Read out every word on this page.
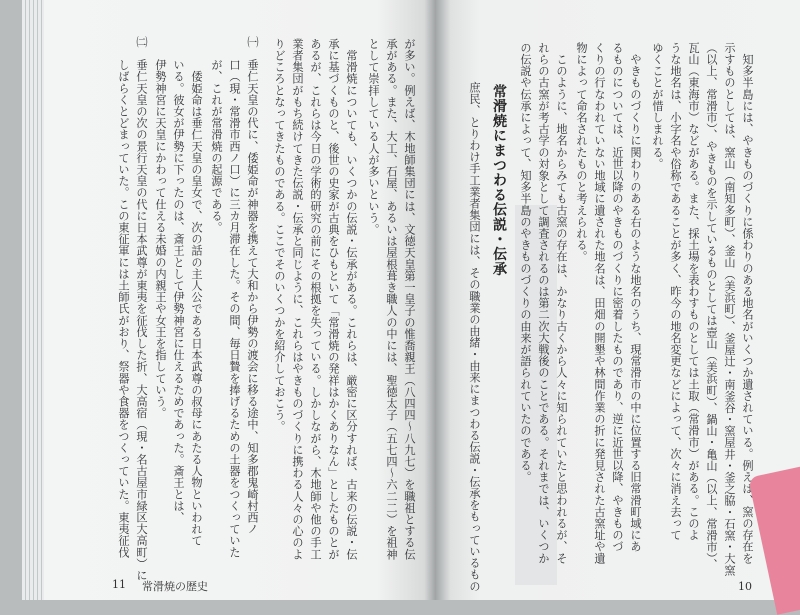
　知多半島には、やきものづくりに係わりのある地名がいくつか遺されている。例えば、窯の存在を
示すものとしては、窯山（南知多町）、釜山（美浜町）、釜屋辻・南釜谷・窯屋井・釜之脇・石窯・大窯
（以上、常滑市）、やきものを示しているものとしては壺山（美浜町）、鍋山・亀山（以上、常滑市）、
瓦山（東海市）などがある。また、採土場を表わすものとしては土取（常滑市）がある。このよ
うな地名は、小字名や俗称であることが多く、昨今の地名変更などによって、次々に消え去って
ゆくことが惜しまれる。
　やきものづくりに関わりのある右のような地名のうち、現常滑市の中に位置する旧常滑町域にあ
るものについては、近世以降のやきものづくりに密着したものであり、逆に近世以降、やきものづ
くりの行なわれていない地域に遺された地名は、田畑の開墾や林間作業の折に発見された古窯址や遺
物によって命名されたものと考えられる。
　このように、地名からみても古窯の存在は、かなり古くから人々に知られていたと思われるが、そ
れらの古窯が考古学の対象として調査されるのは第二次大戦後のことである。それまでは、いくつか
の伝説や伝承によって、知多半島のやきものづくりの由来が語られていたのである。
常滑焼にまつわる伝説・伝承
　庶民、とりわけ手工業者集団には、その職業の由緒・由来にまつわる伝説・伝承をもっているもの	10
が多い。例えば、木地師集団には、文徳天皇第一皇子の惟喬親王（八四四〜八九七）を職祖とする伝
承がある。また、大工、石屋、あるいは屋根葺き職人の中には、聖徳太子（五七四〜六二二）を祖神
として崇拝している人が多いという。
　常滑焼についても、いくつかの伝説・伝承がある。これらは、厳密に区分すれば、古来の伝説・伝
承に基づくものと、後世の史家が古典をひもといて「常滑焼の発祥はかくありなん」としたものとが
あるが、これらは今日の学術的研究の前にその根拠を失っている。しかしながら、木地師や他の手工
業者集団がもち続けてきた伝説・伝承と同じように、これらはやきものづくりに携わる人々の心のよ
りどころとなってきたものである。ここでそのいくつかを紹介しておこう。
㈠　垂仁天皇の代に、倭姫命が神器を携えて大和から伊勢の渡会に移る途中、知多郡鬼崎村西ノ
　　口（現・常滑市西ノ口）に三カ月滞在した。その間、毎日贄を捧げるための土器をつくっていた
　　が、これが常滑焼の起源である。
　　　倭姫命は垂仁天皇の皇女で、次の話の主人公である日本武尊の叔母にあたる人物といわれて
　　いる。彼女が伊勢に下ったのは、斎王として伊勢神宮に仕えるためであった。斎王とは、
　　伊勢神宮に天皇にかわって仕える未婚の内親王や女王を指していう。
㈡　垂仁天皇の次の景行天皇の代に日本武尊が東夷を征伐した折、大高宿（現・名古屋市緑区大高町）に
　　しばらくとどまっていた。この東征軍には土師氏がおり、祭器や食器をつくっていた。東夷征伐
11 常滑焼の歴史
